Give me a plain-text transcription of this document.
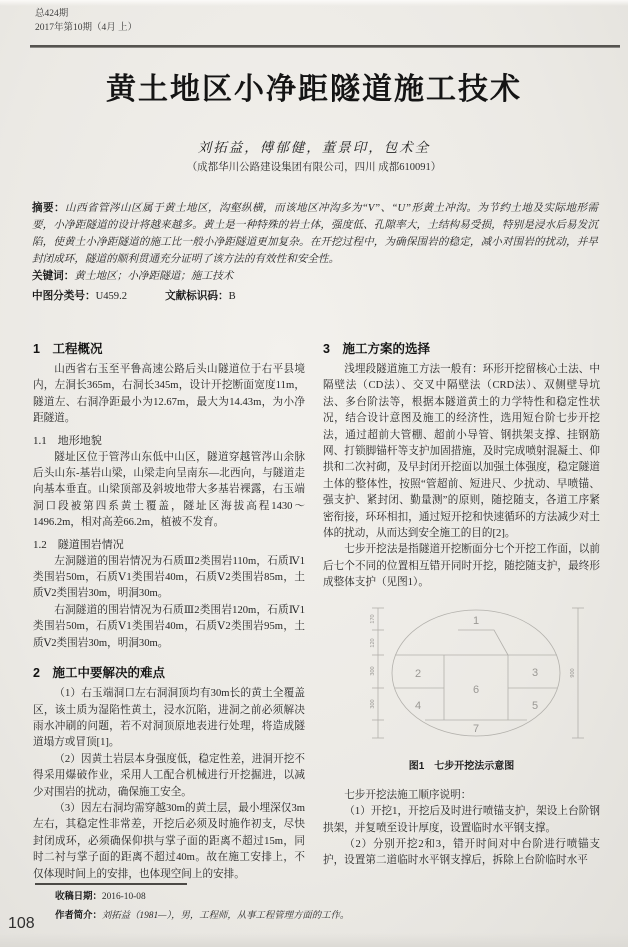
总424期
2017年第10期（4月 上）
黄土地区小净距隧道施工技术
刘拓益，傅郁健，董景印，包术全
（成都华川公路建设集团有限公司，四川 成都610091）

摘要：山西省管涔山区属于黄土地区，沟壑纵横，而该地区冲沟多为“V”、“U”形黄土冲沟。为节约土地及实际地形需要，小净距隧道的设计将越来越多。黄土是一种特殊的岩土体，强度低、孔隙率大，土结构易受损，特别是浸水后易发沉陷，使黄土小净距隧道的施工比一般小净距隧道更加复杂。在开挖过程中，为确保围岩的稳定，减小对围岩的扰动，并早封闭成环，隧道的顺利贯通充分证明了该方法的有效性和安全性。

关键词：黄土地区；小净距隧道；施工技术

中图分类号：U459.2	文献标识码：B

1　工程概况

山西省右玉至平鲁高速公路后头山隧道位于右平县境内，左洞长365m，右洞长345m，设计开挖断面宽度11m，隧道左、右洞净距最小为12.67m，最大为14.43m，为小净距隧道。

1.1　地形地貌

隧址区位于管涔山东低中山区，隧道穿越管涔山余脉后头山东-基岩山梁，山梁走向呈南东—北西向，与隧道走向基本垂直。山梁顶部及斜坡地带大多基岩裸露，右玉端洞口段被第四系黄土覆盖，隧址区海拔高程1430～1496.2m，相对高差66.2m，植被不发育。

1.2　隧道围岩情况

左洞隧道的围岩情况为石质Ⅲ2类围岩110m，石质Ⅳ1类围岩50m，石质Ⅴ1类围岩40m，石质Ⅴ2类围岩85m，土质Ⅴ2类围岩30m，明洞30m。

右洞隧道的围岩情况为石质Ⅲ2类围岩120m，石质Ⅳ1类围岩50m，石质Ⅴ1类围岩40m，石质Ⅴ2类围岩95m，土质Ⅴ2类围岩30m，明洞30m。

2　施工中要解决的难点

（1）右玉端洞口左右洞洞顶均有30m长的黄土全覆盖区，该土质为湿陷性黄土，浸水沉陷，进洞之前必须解决雨水冲刷的问题，若不对洞顶原地表进行处理，将造成隧道塌方或冒顶[1]。

（2）因黄土岩层本身强度低，稳定性差，进洞开挖不得采用爆破作业，采用人工配合机械进行开挖掘进，以减少对围岩的扰动，确保施工安全。

（3）因左右洞均需穿越30m的黄土层，最小埋深仅3m左右，其稳定性非常差，开挖后必须及时施作初支，尽快封闭成环，必须确保仰拱与掌子面的距离不超过15m，同时二衬与掌子面的距离不超过40m。故在施工安排上，不仅体现时间上的安排，也体现空间上的安排。

3　施工方案的选择

浅埋段隧道施工方法一般有：环形开挖留核心土法、中隔壁法（CD法）、交叉中隔壁法（CRD法）、双侧壁导坑法、多台阶法等，根据本隧道黄土的力学特性和稳定性状况，结合设计意图及施工的经济性，选用短台阶七步开挖法，通过超前大管棚、超前小导管、钢拱架支撑、挂钢筋网、打锁脚锚杆等支护加固措施，及时完成喷射混凝土、仰拱和二次衬砌，及早封闭开挖面以加强土体强度，稳定隧道土体的整体性，按照“管超前、短进尺、少扰动、早喷锚、强支护、紧封闭、勤量测”的原则，随挖随支，各道工序紧密衔接，环环相扣，通过短开挖和快速循环的方法减少对土体的扰动，从而达到安全施工的目的[2]。

七步开挖法是指隧道开挖断面分七个开挖工作面，以前后七个不同的位置相互错开同时开挖，随挖随支护，最终形成整体支护（见图1）。

1
2	3
4	5
6
7
170
120
300
300
900
图1　七步开挖法示意图

七步开挖法施工顺序说明：

（1）开挖1，开挖后及时进行喷锚支护，架设上台阶钢拱架，并复喷至设计厚度，设置临时水平钢支撑。

（2）分别开挖2和3，错开时间对中台阶进行喷锚支护，设置第二道临时水平钢支撑后，拆除上台阶临时水平

收稿日期：2016-10-08
作者简介：刘拓益（1981—），男，工程师，从事工程管理方面的工作。
108
